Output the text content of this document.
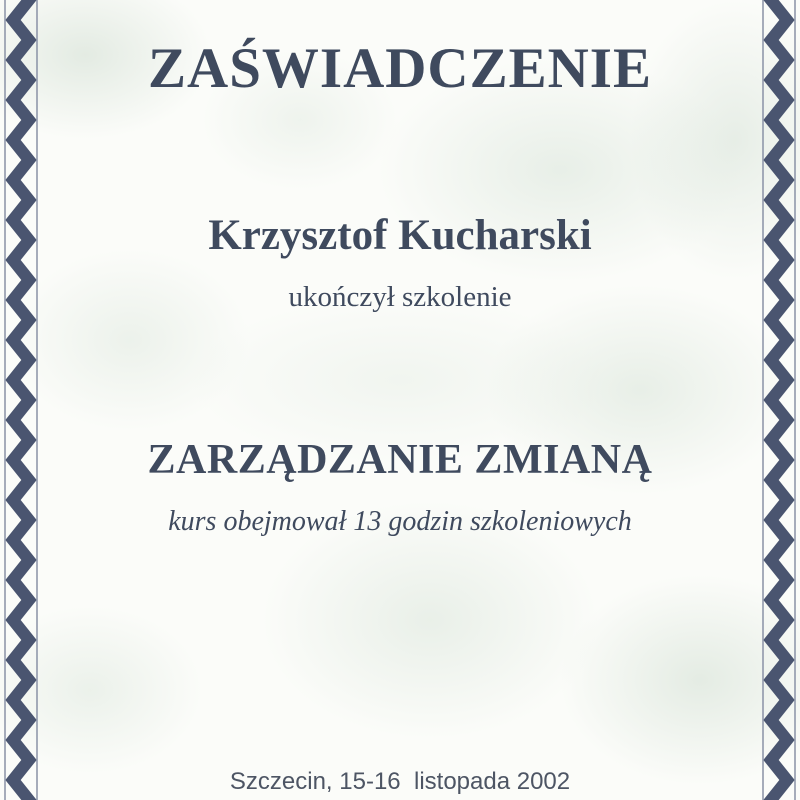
ZAŚWIADCZENIE
Krzysztof Kucharski
ukończył szkolenie
ZARZĄDZANIE ZMIANĄ
kurs obejmował 13 godzin szkoleniowych
Szczecin, 15-16  listopada 2002
